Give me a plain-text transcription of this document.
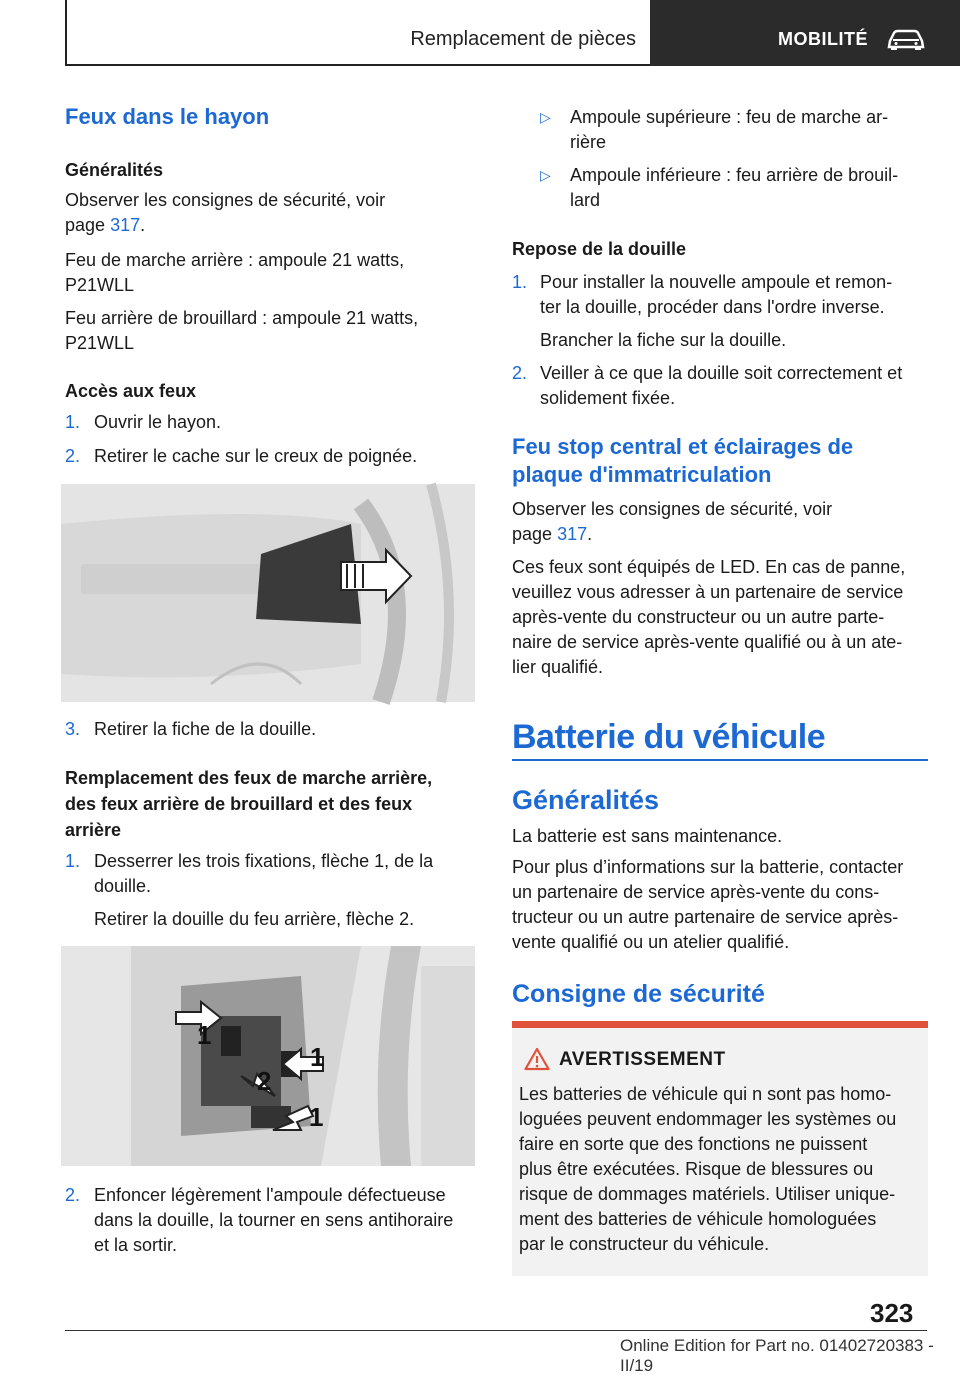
Remplacement de pièces	MOBILITÉ
Feux dans le hayon
Généralités
Observer les consignes de sécurité, voir
page 317.
Feu de marche arrière : ampoule 21 watts,
P21WLL
Feu arrière de brouillard : ampoule 21 watts,
P21WLL
Accès aux feux
1. Ouvrir le hayon.
2. Retirer le cache sur le creux de poignée.
3. Retirer la fiche de la douille.
Remplacement des feux de marche arrière,
des feux arrière de brouillard et des feux
arrière
1. Desserrer les trois fixations, flèche 1, de la
douille.
Retirer la douille du feu arrière, flèche 2.
1
1
2
1
2. Enfoncer légèrement l'ampoule défectueuse
dans la douille, la tourner en sens antihoraire
et la sortir.
▷ Ampoule supérieure : feu de marche ar-
rière
▷ Ampoule inférieure : feu arrière de brouil-
lard
Repose de la douille
1. Pour installer la nouvelle ampoule et remon-
ter la douille, procéder dans l'ordre inverse.
Brancher la fiche sur la douille.
2. Veiller à ce que la douille soit correctement et
solidement fixée.
Feu stop central et éclairages de
plaque d'immatriculation
Observer les consignes de sécurité, voir
page 317.
Ces feux sont équipés de LED. En cas de panne,
veuillez vous adresser à un partenaire de service
après-vente du constructeur ou un autre parte-
naire de service après-vente qualifié ou à un ate-
lier qualifié.
Batterie du véhicule
Généralités
La batterie est sans maintenance.
Pour plus d’informations sur la batterie, contacter
un partenaire de service après-vente du cons-
tructeur ou un autre partenaire de service après-
vente qualifié ou un atelier qualifié.
Consigne de sécurité
AVERTISSEMENT
Les batteries de véhicule qui n sont pas homo-
loguées peuvent endommager les systèmes ou
faire en sorte que des fonctions ne puissent
plus être exécutées. Risque de blessures ou
risque de dommages matériels. Utiliser unique-
ment des batteries de véhicule homologuées
par le constructeur du véhicule.
323
Online Edition for Part no. 01402720383 - II/19
